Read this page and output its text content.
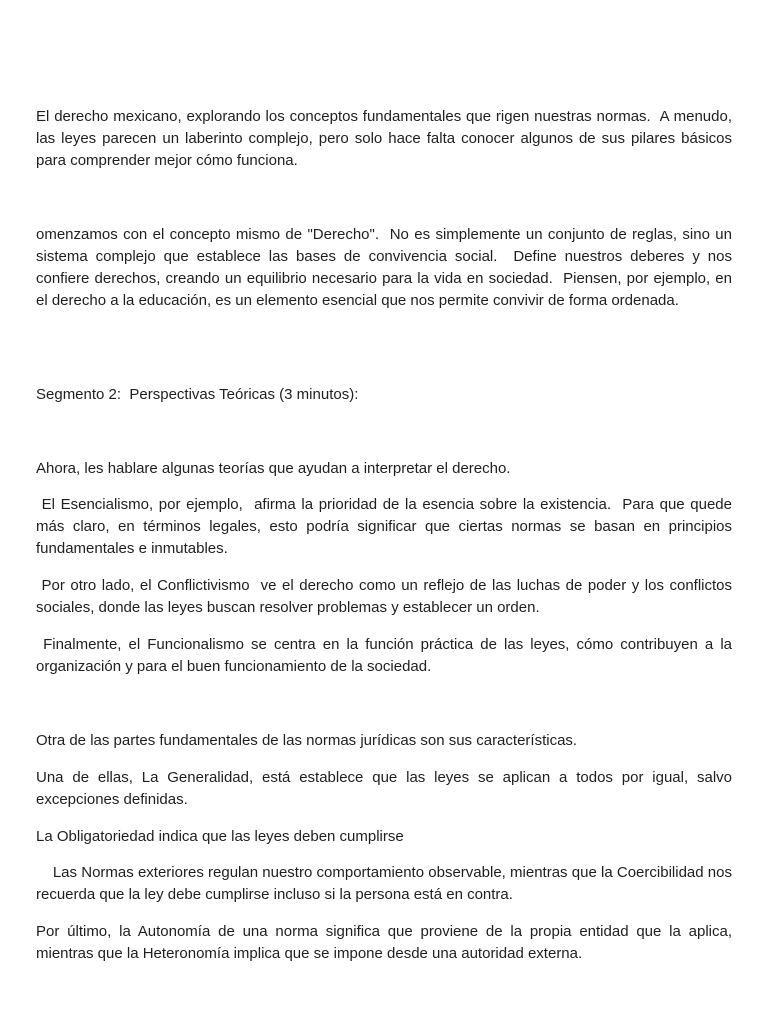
El derecho mexicano, explorando los conceptos fundamentales que rigen nuestras normas.  A menudo, las leyes parecen un laberinto complejo, pero solo hace falta conocer algunos de sus pilares básicos para comprender mejor cómo funciona.

omenzamos con el concepto mismo de "Derecho".  No es simplemente un conjunto de reglas, sino un sistema complejo que establece las bases de convivencia social.  Define nuestros deberes y nos confiere derechos, creando un equilibrio necesario para la vida en sociedad.  Piensen, por ejemplo, en el derecho a la educación, es un elemento esencial que nos permite convivir de forma ordenada.

Segmento 2:  Perspectivas Teóricas (3 minutos):

Ahora, les hablare algunas teorías que ayudan a interpretar el derecho.

El Esencialismo, por ejemplo,  afirma la prioridad de la esencia sobre la existencia.  Para que quede más claro, en términos legales, esto podría significar que ciertas normas se basan en principios fundamentales e inmutables.

Por otro lado, el Conflictivismo  ve el derecho como un reflejo de las luchas de poder y los conflictos sociales, donde las leyes buscan resolver problemas y establecer un orden.

Finalmente, el Funcionalismo se centra en la función práctica de las leyes, cómo contribuyen a la organización y para el buen funcionamiento de la sociedad.

Otra de las partes fundamentales de las normas jurídicas son sus características.

Una de ellas, La Generalidad, está establece que las leyes se aplican a todos por igual, salvo excepciones definidas.

La Obligatoriedad indica que las leyes deben cumplirse

Las Normas exteriores regulan nuestro comportamiento observable, mientras que la Coercibilidad nos recuerda que la ley debe cumplirse incluso si la persona está en contra.

Por último, la Autonomía de una norma significa que proviene de la propia entidad que la aplica, mientras que la Heteronomía implica que se impone desde una autoridad externa.
